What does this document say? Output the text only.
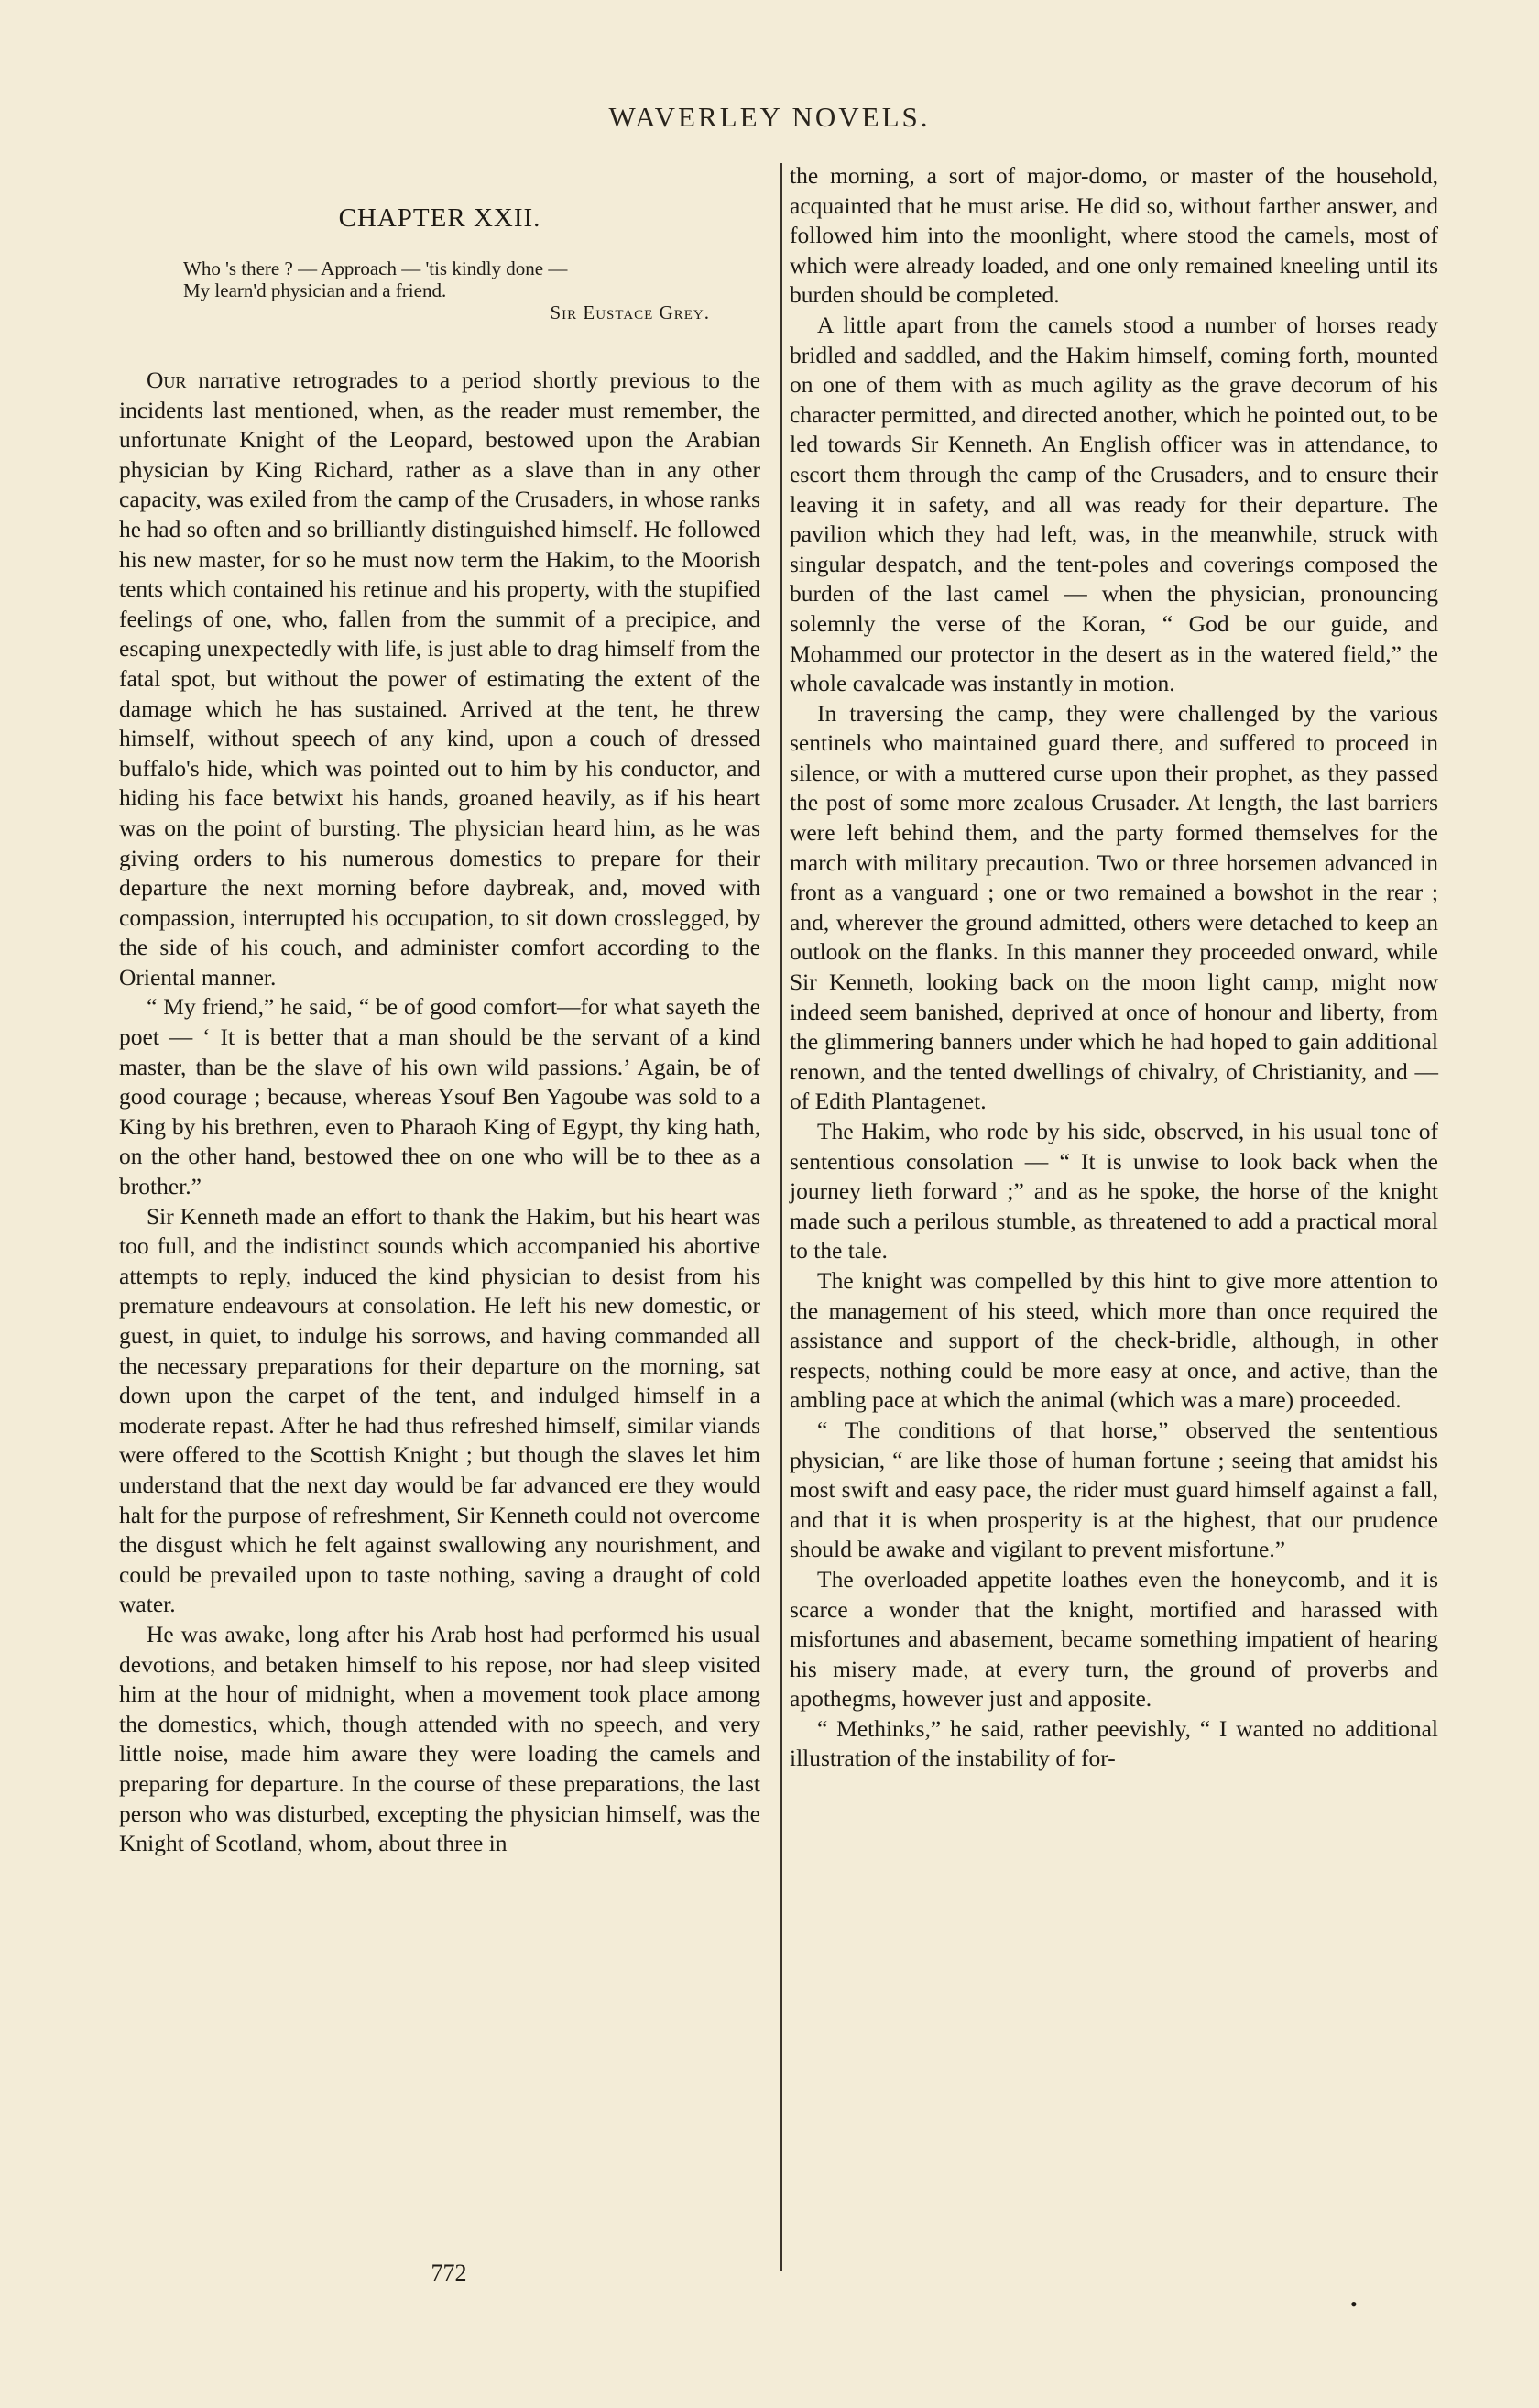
WAVERLEY NOVELS.
CHAPTER XXII.
Who 's there ? — Approach — 'tis kindly done —
My learn'd physician and a friend.
Sir Eustace Grey.

Our narrative retrogrades to a period shortly previous to the incidents last mentioned, when, as the reader must remember, the unfortunate Knight of the Leopard, bestowed upon the Arabian physician by King Richard, rather as a slave than in any other capacity, was exiled from the camp of the Crusaders, in whose ranks he had so often and so brilliantly distinguished himself. He followed his new master, for so he must now term the Hakim, to the Moorish tents which contained his retinue and his property, with the stupified feelings of one, who, fallen from the summit of a precipice, and escaping unexpectedly with life, is just able to drag himself from the fatal spot, but without the power of estimating the extent of the damage which he has sustained. Arrived at the tent, he threw himself, without speech of any kind, upon a couch of dressed buffalo's hide, which was pointed out to him by his conductor, and hiding his face betwixt his hands, groaned heavily, as if his heart was on the point of bursting. The physician heard him, as he was giving orders to his numerous domestics to prepare for their departure the next morning before daybreak, and, moved with compassion, interrupted his occupation, to sit down crosslegged, by the side of his couch, and administer comfort according to the Oriental manner.

“ My friend,” he said, “ be of good comfort—for what sayeth the poet — ‘ It is better that a man should be the servant of a kind master, than be the slave of his own wild passions.’ Again, be of good courage ; because, whereas Ysouf Ben Yagoube was sold to a King by his brethren, even to Pharaoh King of Egypt, thy king hath, on the other hand, bestowed thee on one who will be to thee as a brother.”

Sir Kenneth made an effort to thank the Hakim, but his heart was too full, and the indistinct sounds which accompanied his abortive attempts to reply, induced the kind physician to desist from his premature endeavours at consolation. He left his new domestic, or guest, in quiet, to indulge his sorrows, and having commanded all the necessary preparations for their departure on the morning, sat down upon the carpet of the tent, and indulged himself in a moderate repast. After he had thus refreshed himself, similar viands were offered to the Scottish Knight ; but though the slaves let him understand that the next day would be far advanced ere they would halt for the purpose of refreshment, Sir Kenneth could not overcome the disgust which he felt against swallowing any nourishment, and could be prevailed upon to taste nothing, saving a draught of cold water.

He was awake, long after his Arab host had performed his usual devotions, and betaken himself to his repose, nor had sleep visited him at the hour of midnight, when a movement took place among the domestics, which, though attended with no speech, and very little noise, made him aware they were loading the camels and preparing for departure. In the course of these preparations, the last person who was disturbed, excepting the physician himself, was the Knight of Scotland, whom, about three in

the morning, a sort of major-domo, or master of the household, acquainted that he must arise. He did so, without farther answer, and followed him into the moonlight, where stood the camels, most of which were already loaded, and one only remained kneeling until its burden should be completed.

A little apart from the camels stood a number of horses ready bridled and saddled, and the Hakim himself, coming forth, mounted on one of them with as much agility as the grave decorum of his character permitted, and directed another, which he pointed out, to be led towards Sir Kenneth. An English officer was in attendance, to escort them through the camp of the Crusaders, and to ensure their leaving it in safety, and all was ready for their departure. The pavilion which they had left, was, in the meanwhile, struck with singular despatch, and the tent-poles and coverings composed the burden of the last camel — when the physician, pronouncing solemnly the verse of the Koran, “ God be our guide, and Mohammed our protector in the desert as in the watered field,” the whole cavalcade was instantly in motion.

In traversing the camp, they were challenged by the various sentinels who maintained guard there, and suffered to proceed in silence, or with a muttered curse upon their prophet, as they passed the post of some more zealous Crusader. At length, the last barriers were left behind them, and the party formed themselves for the march with military precaution. Two or three horsemen advanced in front as a vanguard ; one or two remained a bowshot in the rear ; and, wherever the ground admitted, others were detached to keep an outlook on the flanks. In this manner they proceeded onward, while Sir Kenneth, looking back on the moon light camp, might now indeed seem banished, deprived at once of honour and liberty, from the glimmering banners under which he had hoped to gain additional renown, and the tented dwellings of chivalry, of Christianity, and — of Edith Plantagenet.

The Hakim, who rode by his side, observed, in his usual tone of sententious consolation — “ It is unwise to look back when the journey lieth forward ;” and as he spoke, the horse of the knight made such a perilous stumble, as threatened to add a practical moral to the tale.

The knight was compelled by this hint to give more attention to the management of his steed, which more than once required the assistance and support of the check-bridle, although, in other respects, nothing could be more easy at once, and active, than the ambling pace at which the animal (which was a mare) proceeded.

“ The conditions of that horse,” observed the sententious physician, “ are like those of human fortune ; seeing that amidst his most swift and easy pace, the rider must guard himself against a fall, and that it is when prosperity is at the highest, that our prudence should be awake and vigilant to prevent misfortune.”

The overloaded appetite loathes even the honeycomb, and it is scarce a wonder that the knight, mortified and harassed with misfortunes and abasement, became something impatient of hearing his misery made, at every turn, the ground of proverbs and apothegms, however just and apposite.

“ Methinks,” he said, rather peevishly, “ I wanted no additional illustration of the instability of for-

772
•
